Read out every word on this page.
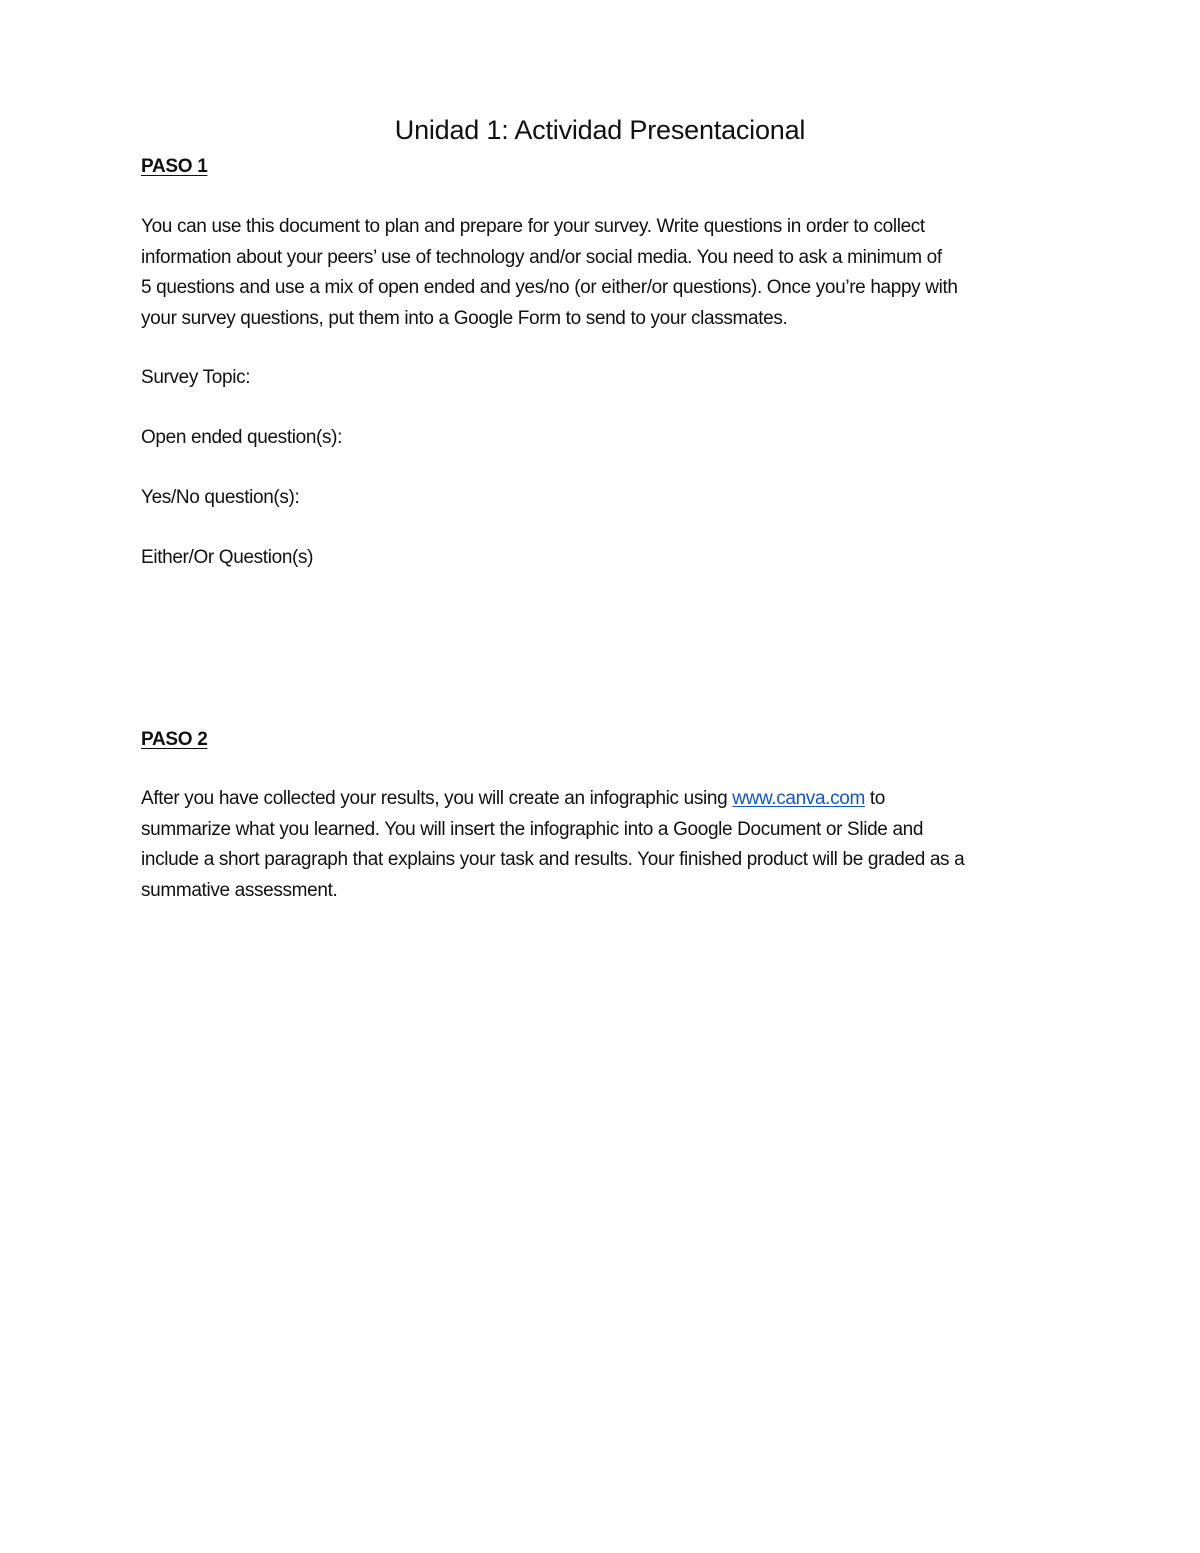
Unidad 1: Actividad Presentacional
PASO 1

You can use this document to plan and prepare for your survey. Write questions in order to collect
information about your peers’ use of technology and/or social media. You need to ask a minimum of
5 questions and use a mix of open ended and yes/no (or either/or questions). Once you’re happy with
your survey questions, put them into a Google Form to send to your classmates.

Survey Topic:

Open ended question(s):

Yes/No question(s):

Either/Or Question(s)

PASO 2

After you have collected your results, you will create an infographic using www.canva.com to
summarize what you learned. You will insert the infographic into a Google Document or Slide and
include a short paragraph that explains your task and results. Your finished product will be graded as a
summative assessment.
